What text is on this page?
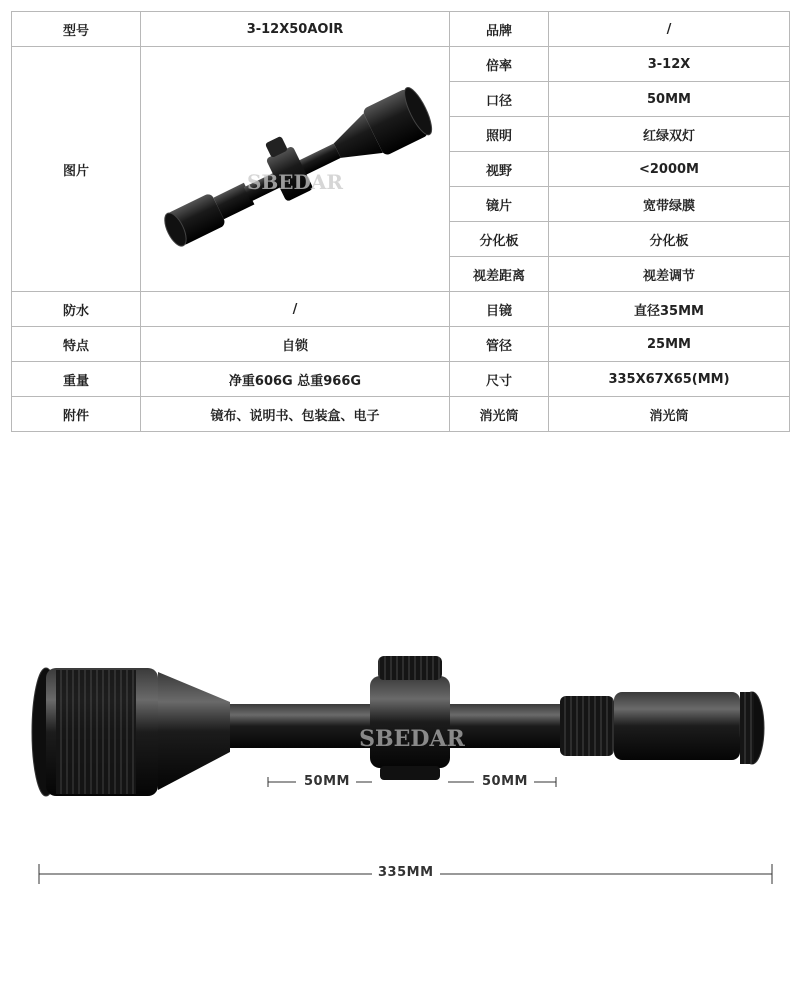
型号	3-12X50AOIR	品牌	/
图片	SBEDAR	倍率	3-12X
		口径	50MM
		照明	红绿双灯
		视野	<2000M
		镜片	宽带绿膜
		分化板	分化板
		视差距离	视差调节
防水	/	目镜	直径35MM
特点	自锁	管径	25MM
重量	净重606G 总重966G	尺寸	335X67X65(MM)
附件	镜布、说明书、包装盒、电子	消光筒	消光筒
SBEDAR
50MM	50MM
335MM
